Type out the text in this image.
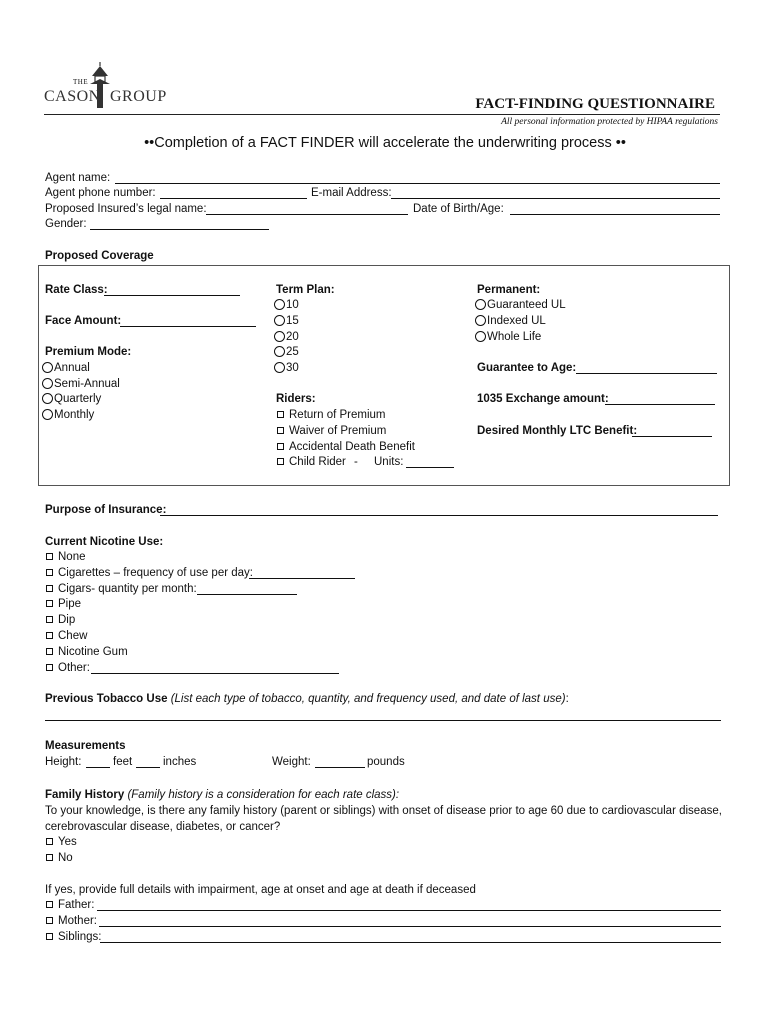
THE
CASON GROUP	FACT-FINDING QUESTIONNAIRE
All personal information protected by HIPAA regulations
••Completion of a FACT FINDER will accelerate the underwriting process ••
Agent name:
Agent phone number:	E-mail Address:
Proposed Insured’s legal name:	Date of Birth/Age:
Gender:
Proposed Coverage
Rate Class:
Face Amount:
Premium Mode:
Annual
Semi-Annual
Quarterly
Monthly
Term Plan:
10
15
20
25
30
Riders:
Return of Premium
Waiver of Premium
Accidental Death Benefit
Child Rider - Units:
Permanent:
Guaranteed UL
Indexed UL
Whole Life
Guarantee to Age:
1035 Exchange amount:
Desired Monthly LTC Benefit:
Purpose of Insurance:
Current Nicotine Use:
None
Cigarettes – frequency of use per day:
Cigars- quantity per month:
Pipe
Dip
Chew
Nicotine Gum
Other:
Previous Tobacco Use (List each type of tobacco, quantity, and frequency used, and date of last use):
Measurements
Height:	feet	inches	Weight:	pounds
Family History (Family history is a consideration for each rate class):
To your knowledge, is there any family history (parent or siblings) with onset of disease prior to age 60 due to cardiovascular disease,
cerebrovascular disease, diabetes, or cancer?
Yes
No
If yes, provide full details with impairment, age at onset and age at death if deceased
Father:
Mother:
Siblings:
